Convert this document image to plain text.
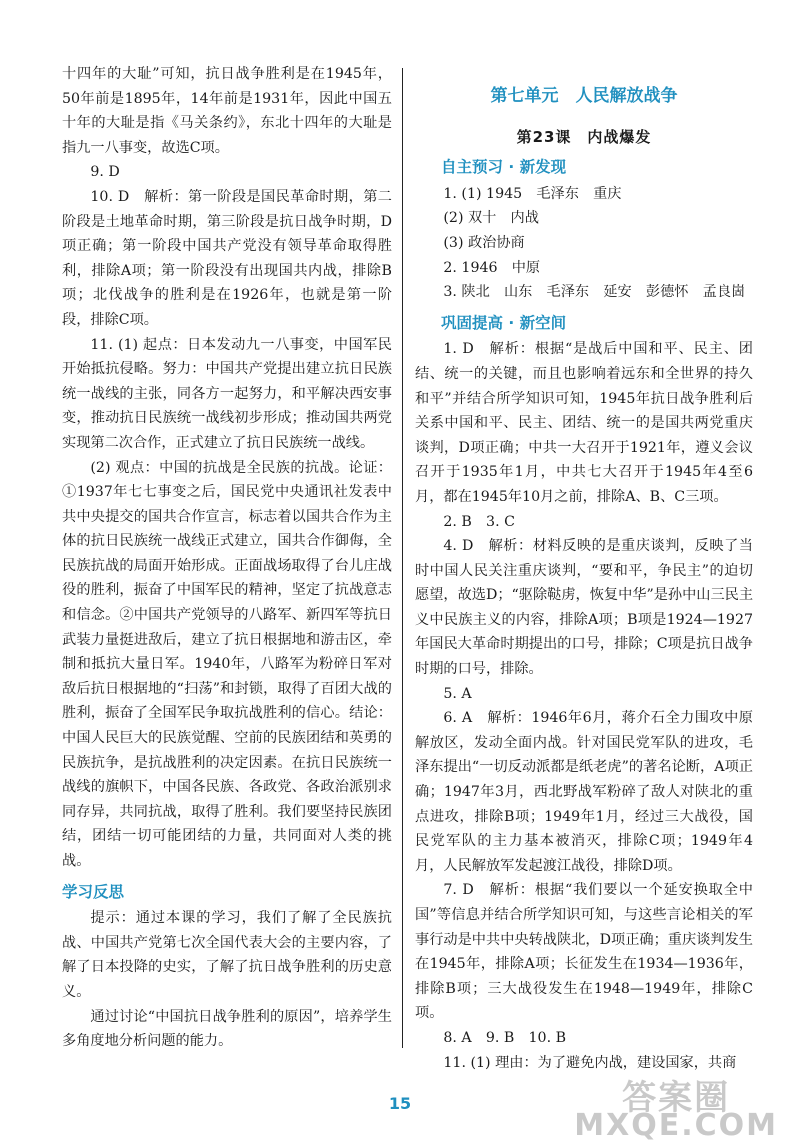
十四年的大耻”可知，抗日战争胜利是在1945年，50年前是1895年，14年前是1931年，因此中国五十年的大耻是指《马关条约》，东北十四年的大耻是指九一八事变，故选C项。

9. D

10. D　解析：第一阶段是国民革命时期，第二阶段是土地革命时期，第三阶段是抗日战争时期，D项正确；第一阶段中国共产党没有领导革命取得胜利，排除A项；第一阶段没有出现国共内战，排除B项；北伐战争的胜利是在1926年，也就是第一阶段，排除C项。

11. (1) 起点：日本发动九一八事变，中国军民开始抵抗侵略。努力：中国共产党提出建立抗日民族统一战线的主张，同各方一起努力，和平解决西安事变，推动抗日民族统一战线初步形成；推动国共两党实现第二次合作，正式建立了抗日民族统一战线。

(2) 观点：中国的抗战是全民族的抗战。论证：①1937年七七事变之后，国民党中央通讯社发表中共中央提交的国共合作宣言，标志着以国共合作为主体的抗日民族统一战线正式建立，国共合作御侮，全民族抗战的局面开始形成。正面战场取得了台儿庄战役的胜利，振奋了中国军民的精神，坚定了抗战意志和信念。②中国共产党领导的八路军、新四军等抗日武装力量挺进敌后，建立了抗日根据地和游击区，牵制和抵抗大量日军。1940年，八路军为粉碎日军对敌后抗日根据地的“扫荡”和封锁，取得了百团大战的胜利，振奋了全国军民争取抗战胜利的信心。结论：中国人民巨大的民族觉醒、空前的民族团结和英勇的民族抗争，是抗战胜利的决定因素。在抗日民族统一战线的旗帜下，中国各民族、各政党、各政治派别求同存异，共同抗战，取得了胜利。我们要坚持民族团结，团结一切可能团结的力量，共同面对人类的挑战。

学习反思

提示：通过本课的学习，我们了解了全民族抗战、中国共产党第七次全国代表大会的主要内容，了解了日本投降的史实，了解了抗日战争胜利的历史意义。

通过讨论“中国抗日战争胜利的原因”，培养学生多角度地分析问题的能力。

第七单元　人民解放战争
第23课　内战爆发
自主预习 · 新发现

1. (1) 1945　毛泽东　重庆

(2) 双十　内战

(3) 政治协商

2. 1946　中原

3. 陕北　山东　毛泽东　延安　彭德怀　孟良崮

巩固提高 · 新空间

1. D　解析：根据“是战后中国和平、民主、团结、统一的关键，而且也影响着远东和全世界的持久和平”并结合所学知识可知，1945年抗日战争胜利后关系中国和平、民主、团结、统一的是国共两党重庆谈判，D项正确；中共一大召开于1921年，遵义会议召开于1935年1月，中共七大召开于1945年4至6月，都在1945年10月之前，排除A、B、C三项。

2. B　3. C

4. D　解析：材料反映的是重庆谈判，反映了当时中国人民关注重庆谈判，“要和平，争民主”的迫切愿望，故选D；“驱除鞑虏，恢复中华”是孙中山三民主义中民族主义的内容，排除A项；B项是1924—1927年国民大革命时期提出的口号，排除；C项是抗日战争时期的口号，排除。

5. A

6. A　解析：1946年6月，蒋介石全力围攻中原解放区，发动全面内战。针对国民党军队的进攻，毛泽东提出“一切反动派都是纸老虎”的著名论断，A项正确；1947年3月，西北野战军粉碎了敌人对陕北的重点进攻，排除B项；1949年1月，经过三大战役，国民党军队的主力基本被消灭，排除C项；1949年4月，人民解放军发起渡江战役，排除D项。

7. D　解析：根据“我们要以一个延安换取全中国”等信息并结合所学知识可知，与这些言论相关的军事行动是中共中央转战陕北，D项正确；重庆谈判发生在1945年，排除A项；长征发生在1934—1936年，排除B项；三大战役发生在1948—1949年，排除C项。

8. A　9. B　10. B

11. (1) 理由：为了避免内战，建设国家，共商

15	答案圈
MXQE.COM
